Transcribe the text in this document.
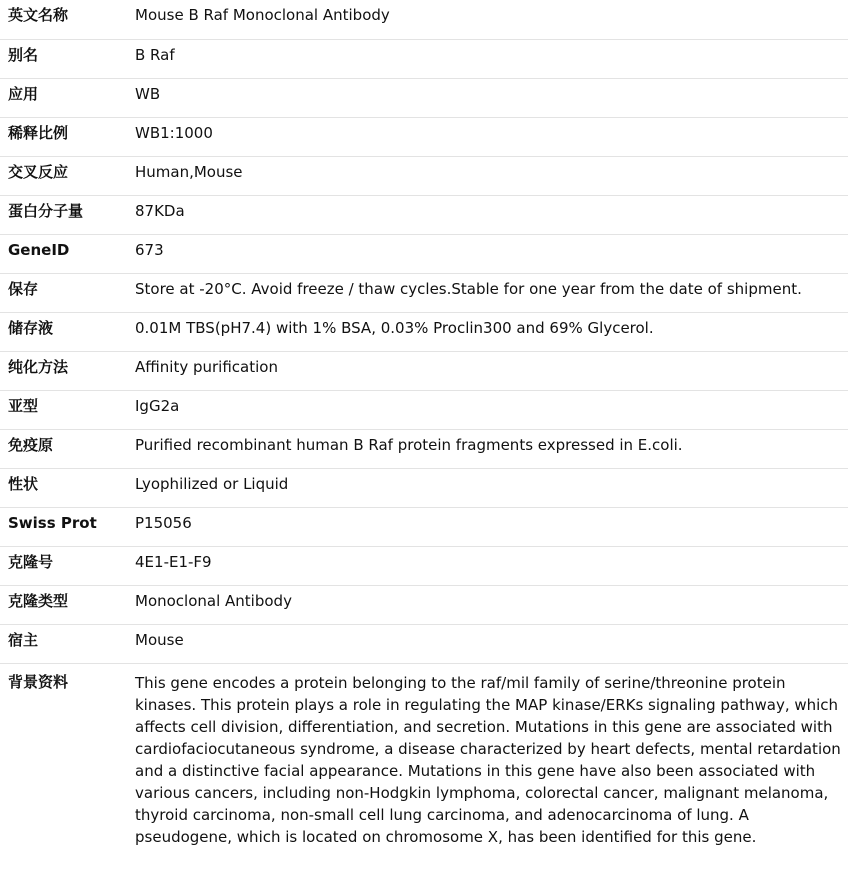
英文名称	Mouse B Raf Monoclonal Antibody

别名	B Raf

应用	WB

稀释比例	WB1:1000

交叉反应	Human,Mouse

蛋白分子量	87KDa

GeneID	673

保存	Store at -20°C. Avoid freeze / thaw cycles.Stable for one year from the date of shipment.

储存液	0.01M TBS(pH7.4) with 1% BSA, 0.03% Proclin300 and 69% Glycerol.

纯化方法	Affinity purification

亚型	IgG2a

免疫原	Purified recombinant human B Raf protein fragments expressed in E.coli.

性状	Lyophilized or Liquid

Swiss Prot	P15056

克隆号	4E1-E1-F9

克隆类型	Monoclonal Antibody

宿主	Mouse

背景资料	This gene encodes a protein belonging to the raf/mil family of serine/threonine protein kinases. This protein plays a role in regulating the MAP kinase/ERKs signaling pathway, which affects cell division, differentiation, and secretion. Mutations in this gene are associated with cardiofaciocutaneous syndrome, a disease characterized by heart defects, mental retardation and a distinctive facial appearance. Mutations in this gene have also been associated with various cancers, including non-Hodgkin lymphoma, colorectal cancer, malignant melanoma, thyroid carcinoma, non-small cell lung carcinoma, and adenocarcinoma of lung. A pseudogene, which is located on chromosome X, has been identified for this gene.
